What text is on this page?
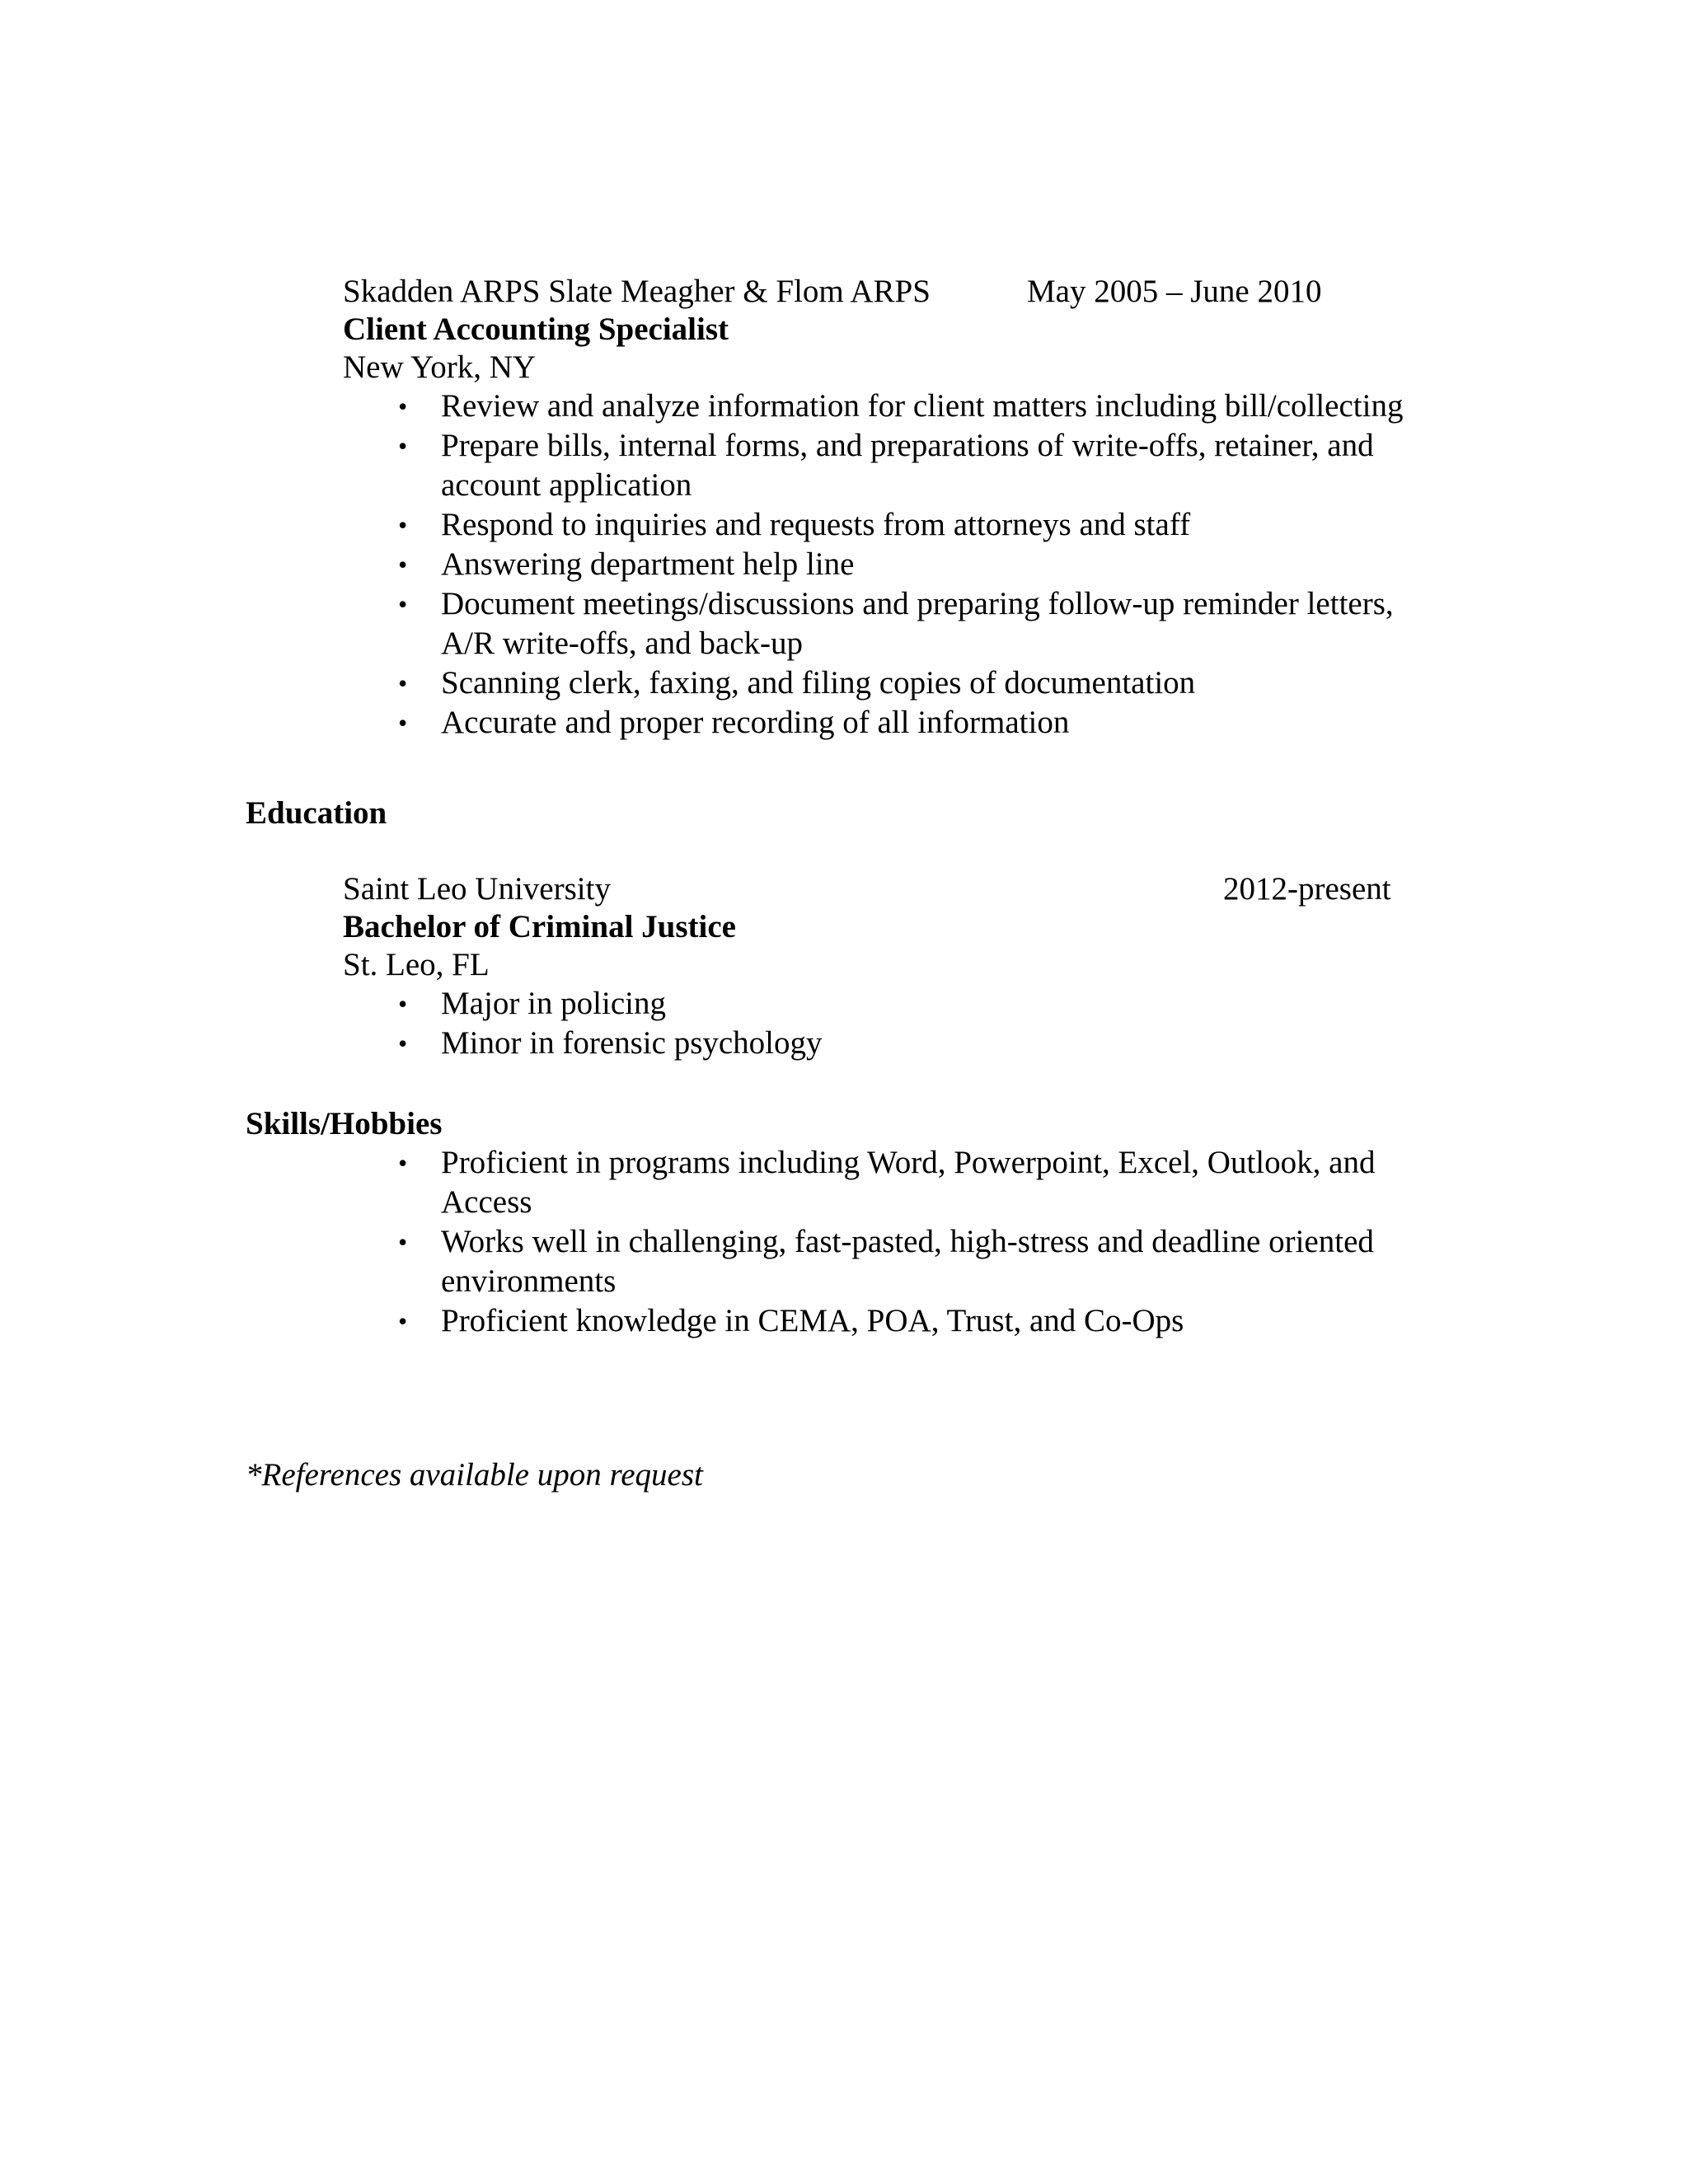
Skadden ARPS Slate Meagher & Flom ARPS	May 2005 – June 2010
Client Accounting Specialist
New York, NY
• Review and analyze information for client matters including bill/collecting
• Prepare bills, internal forms, and preparations of write-offs, retainer, and
account application
• Respond to inquiries and requests from attorneys and staff
• Answering department help line
• Document meetings/discussions and preparing follow-up reminder letters,
A/R write-offs, and back-up
• Scanning clerk, faxing, and filing copies of documentation
• Accurate and proper recording of all information
Education
Saint Leo University	2012-present
Bachelor of Criminal Justice
St. Leo, FL
• Major in policing
• Minor in forensic psychology
Skills/Hobbies
• Proficient in programs including Word, Powerpoint, Excel, Outlook, and
Access
• Works well in challenging, fast-pasted, high-stress and deadline oriented
environments
• Proficient knowledge in CEMA, POA, Trust, and Co-Ops
*References available upon request
